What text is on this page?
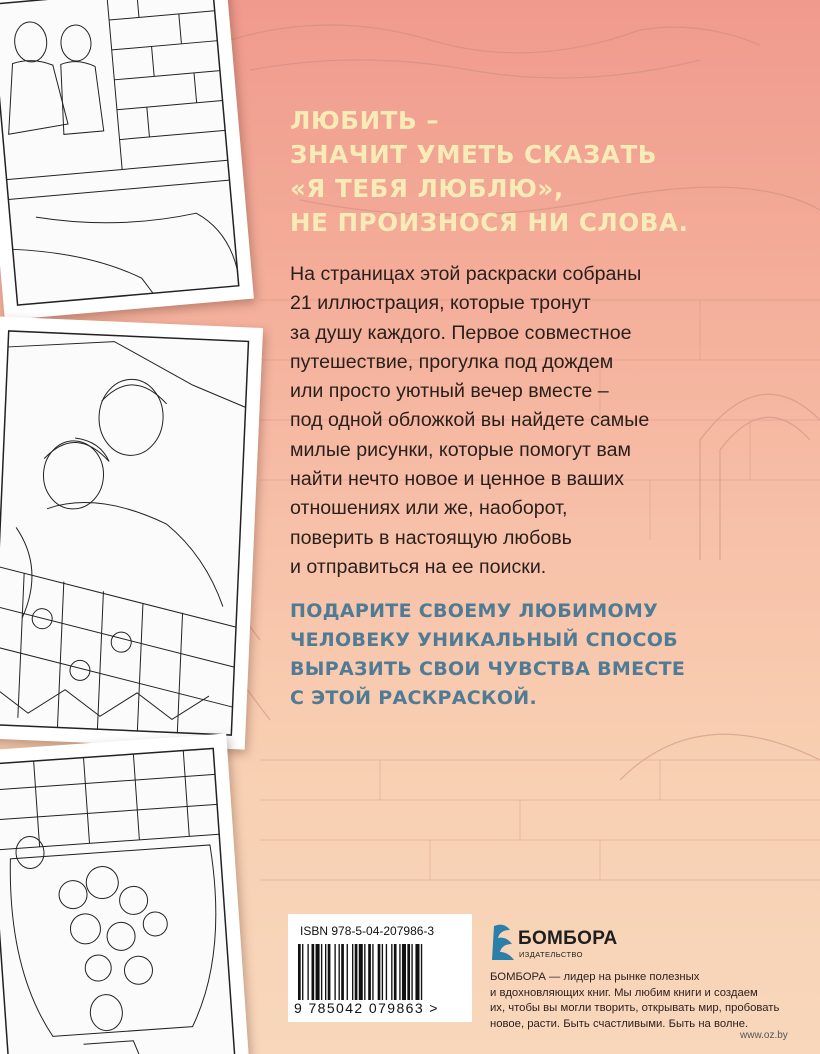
ЛЮБИТЬ –
ЗНАЧИТ УМЕТЬ СКАЗАТЬ
«Я ТЕБЯ ЛЮБЛЮ»,
НЕ ПРОИЗНОСЯ НИ СЛОВА.

На страницах этой раскраски собраны
21 иллюстрация, которые тронут
за душу каждого. Первое совместное
путешествие, прогулка под дождем
или просто уютный вечер вместе –
под одной обложкой вы найдете самые
милые рисунки, которые помогут вам
найти нечто новое и ценное в ваших
отношениях или же, наоборот,
поверить в настоящую любовь
и отправиться на ее поиски.

ПОДАРИТЕ СВОЕМУ ЛЮБИМОМУ
ЧЕЛОВЕКУ УНИКАЛЬНЫЙ СПОСОБ
ВЫРАЗИТЬ СВОИ ЧУВСТВА ВМЕСТЕ
С ЭТОЙ РАСКРАСКОЙ.

ISBN 978-5-04-207986-3
9 785042 079863 >
БОМБОРА
ИЗДАТЕЛЬСТВО

БОМБОРА — лидер на рынке полезных
и вдохновляющих книг. Мы любим книги и создаем
их, чтобы вы могли творить, открывать мир, пробовать
новое, расти. Быть счастливыми. Быть на волне.

www.oz.by
